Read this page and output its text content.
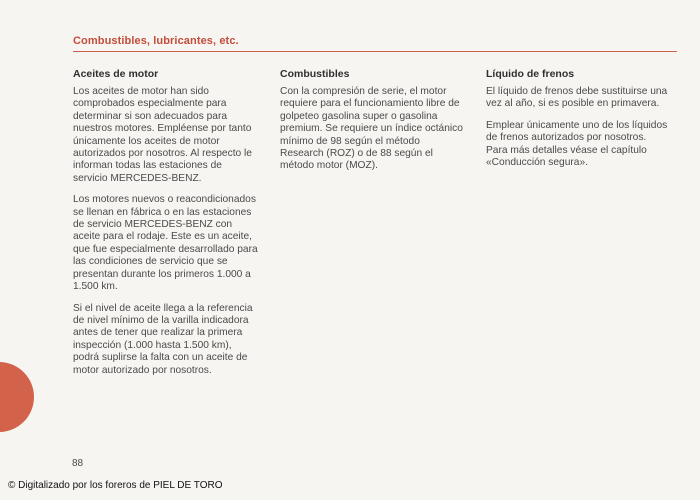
Combustibles, lubricantes, etc.
Aceites de motor

Los aceites de motor han sido comprobados especialmente para determinar si son adecuados para nuestros motores. Empléense por tanto únicamente los aceites de motor autorizados por nosotros. Al respecto le informan todas las estaciones de servicio MERCEDES-BENZ.

Los motores nuevos o reacondicionados se llenan en fábrica o en las estaciones de servicio MERCEDES-BENZ con aceite para el rodaje. Este es un aceite, que fue especialmente desarrollado para las condiciones de servicio que se presentan durante los primeros 1.000 a 1.500 km.

Si el nivel de aceite llega a la referencia de nivel mínimo de la varilla indicadora antes de tener que realizar la primera inspección (1.000 hasta 1.500 km), podrá suplirse la falta con un aceite de motor autorizado por nosotros.

Combustibles

Con la compresión de serie, el motor requiere para el funcionamiento libre de golpeteo gasolina super o gasolina premium. Se requiere un índice octánico mínimo de 98 según el método Research (ROZ) o de 88 según el método motor (MOZ).

Líquido de frenos

El líquido de frenos debe sustituirse una vez al año, si es posible en primavera.

Emplear únicamente uno de los líquidos de frenos autorizados por nosotros. Para más detalles véase el capítulo «Conducción segura».

88
© Digitalizado por los foreros de PIEL DE TORO
